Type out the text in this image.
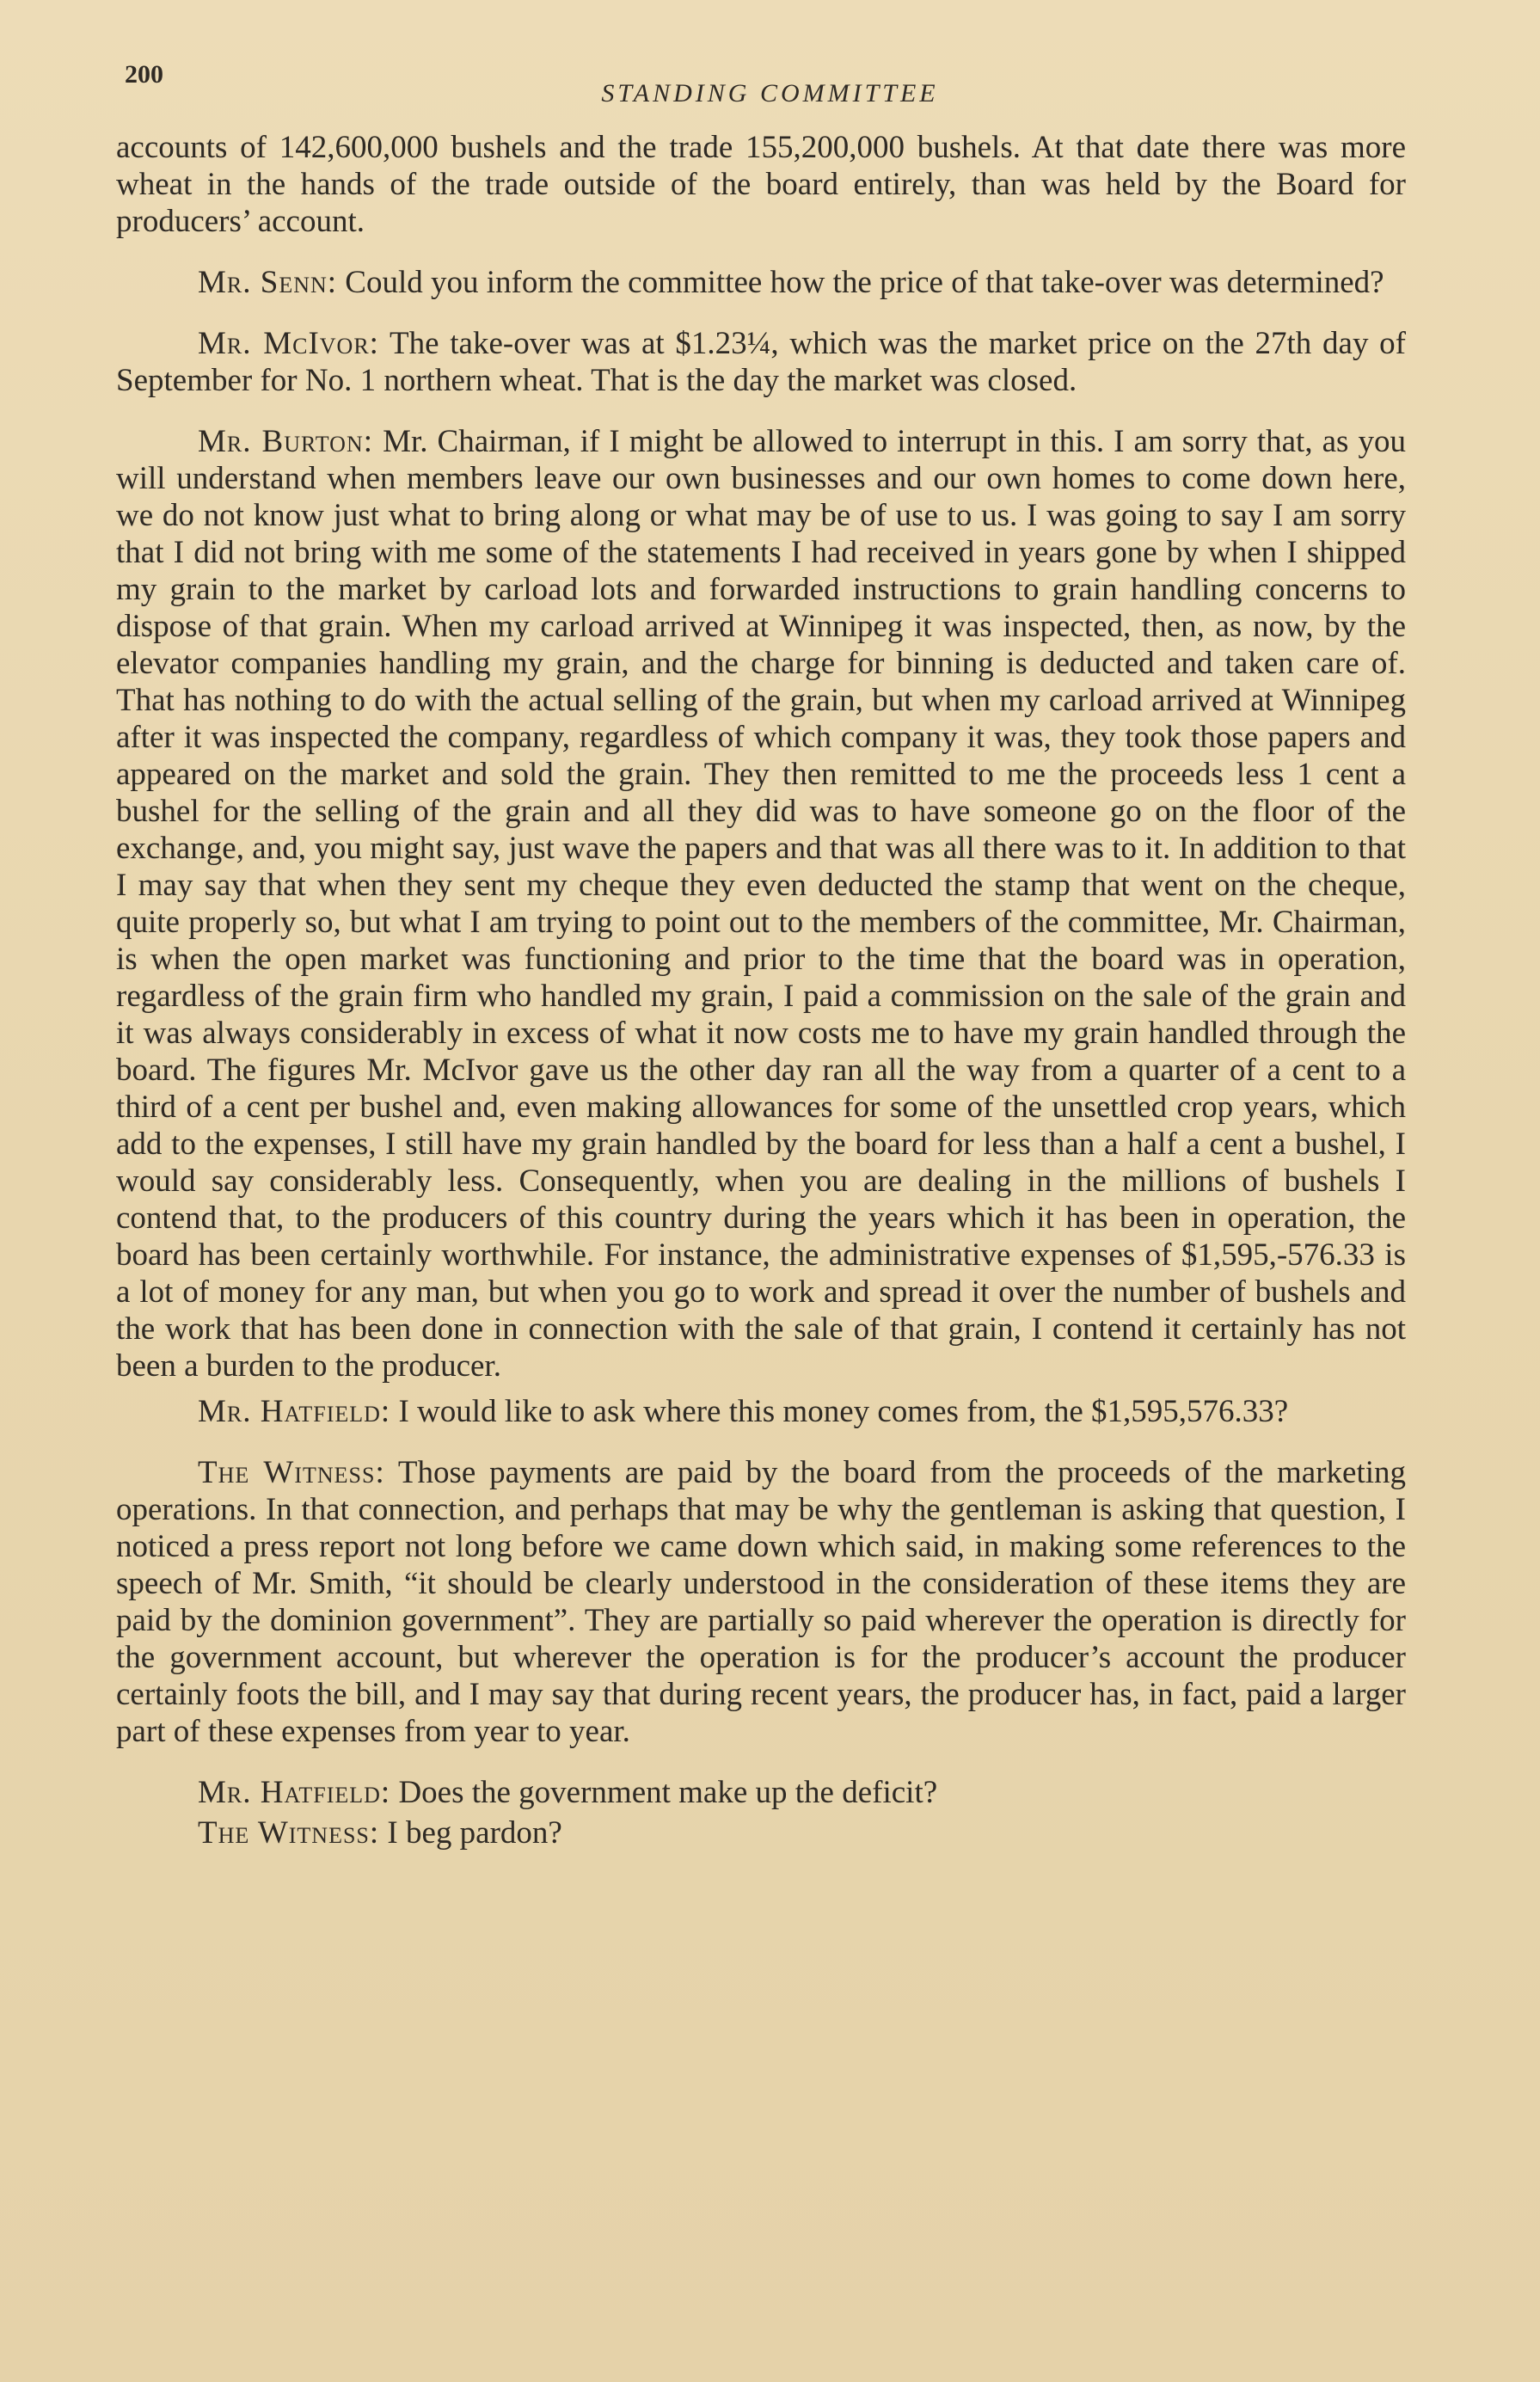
200
STANDING COMMITTEE

accounts of 142,600,000 bushels and the trade 155,200,000 bushels. At that date there was more wheat in the hands of the trade outside of the board entirely, than was held by the Board for producers’ account.

Mr. Senn: Could you inform the committee how the price of that take-over was determined?

Mr. McIvor: The take-over was at $1.23¼, which was the market price on the 27th day of September for No. 1 northern wheat. That is the day the market was closed.

Mr. Burton: Mr. Chairman, if I might be allowed to interrupt in this. I am sorry that, as you will understand when members leave our own businesses and our own homes to come down here, we do not know just what to bring along or what may be of use to us. I was going to say I am sorry that I did not bring with me some of the statements I had received in years gone by when I shipped my grain to the market by carload lots and forwarded instructions to grain handling concerns to dispose of that grain. When my carload arrived at Winnipeg it was inspected, then, as now, by the elevator companies handling my grain, and the charge for binning is deducted and taken care of. That has nothing to do with the actual selling of the grain, but when my carload arrived at Winnipeg after it was inspected the company, regardless of which company it was, they took those papers and appeared on the market and sold the grain. They then remitted to me the proceeds less 1 cent a bushel for the selling of the grain and all they did was to have someone go on the floor of the exchange, and, you might say, just wave the papers and that was all there was to it. In addition to that I may say that when they sent my cheque they even deducted the stamp that went on the cheque, quite properly so, but what I am trying to point out to the members of the committee, Mr. Chairman, is when the open market was functioning and prior to the time that the board was in operation, regardless of the grain firm who handled my grain, I paid a commission on the sale of the grain and it was always considerably in excess of what it now costs me to have my grain handled through the board. The figures Mr. McIvor gave us the other day ran all the way from a quarter of a cent to a third of a cent per bushel and, even making allowances for some of the unsettled crop years, which add to the expenses, I still have my grain handled by the board for less than a half a cent a bushel, I would say considerably less. Consequently, when you are dealing in the millions of bushels I contend that, to the producers of this country during the years which it has been in operation, the board has been certainly worthwhile. For instance, the administrative expenses of $1,595,-576.33 is a lot of money for any man, but when you go to work and spread it over the number of bushels and the work that has been done in connection with the sale of that grain, I contend it certainly has not been a burden to the producer.

Mr. Hatfield: I would like to ask where this money comes from, the $1,595,576.33?

The Witness: Those payments are paid by the board from the proceeds of the marketing operations. In that connection, and perhaps that may be why the gentleman is asking that question, I noticed a press report not long before we came down which said, in making some references to the speech of Mr. Smith, “it should be clearly understood in the consideration of these items they are paid by the dominion government”. They are partially so paid wherever the operation is directly for the government account, but wherever the operation is for the producer’s account the producer certainly foots the bill, and I may say that during recent years, the producer has, in fact, paid a larger part of these expenses from year to year.

Mr. Hatfield: Does the government make up the deficit?

The Witness: I beg pardon?
